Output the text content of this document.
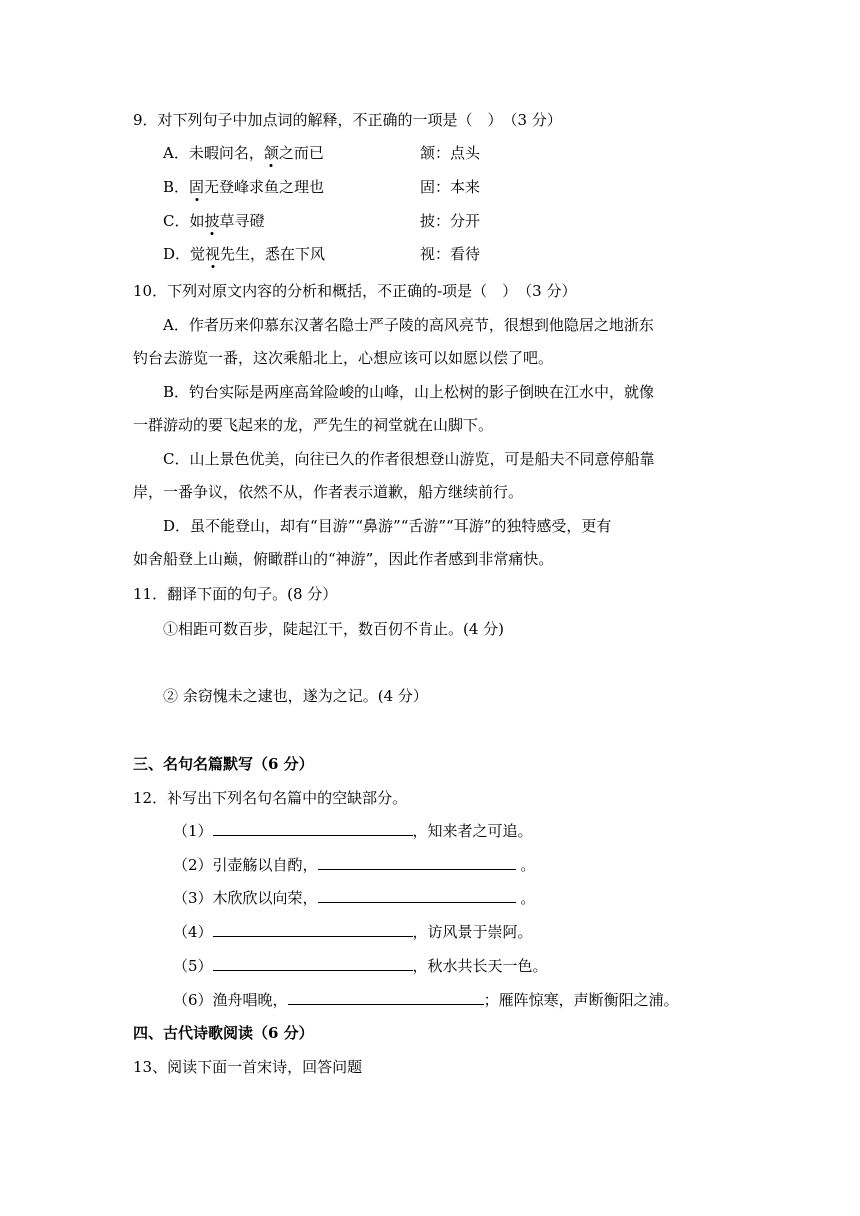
9．对下列句子中加点词的解释，不正确的一项是（　）　（3 分）
A．未暇问名，颔之而已	颔：点头
B．固无登峰求鱼之理也	固：本来
C．如披草寻磴	披：分开
D．觉视先生，悉在下风	视：看待
10．下列对原文内容的分析和概括，不正确的-项是（　）　（3 分）
A．作者历来仰慕东汉著名隐士严子陵的高风亮节，很想到他隐居之地浙东
钓台去游览一番，这次乘船北上，心想应该可以如愿以偿了吧。
B．钓台实际是两座高耸险峻的山峰，山上松树的影子倒映在江水中，就像
一群游动的要飞起来的龙，严先生的祠堂就在山脚下。
C．山上景色优美，向往已久的作者很想登山游览，可是船夫不同意停船靠
岸，一番争议，依然不从，作者表示道歉，船方继续前行。
D．虽不能登山，却有“目游”“鼻游”“舌游”“耳游”的独特感受，更有
如舍船登上山巅，俯瞰群山的“神游”，因此作者感到非常痛快。
11．翻译下面的句子。(8 分）
①相距可数百步，陡起江干，数百仞不肯止。(4 分)
② 余窃愧未之逮也，遂为之记。(4 分）
三、名句名篇默写（6 分）
12．补写出下列名句名篇中的空缺部分。
（1）	，知来者之可追。
（2）引壶觞以自酌，	。
（3）木欣欣以向荣，	。
（4）	，访风景于崇阿。
（5）	，秋水共长天一色。
（6）渔舟唱晚，	；雁阵惊寒，声断衡阳之浦。
四、古代诗歌阅读（6 分）
13、阅读下面一首宋诗，回答问题
